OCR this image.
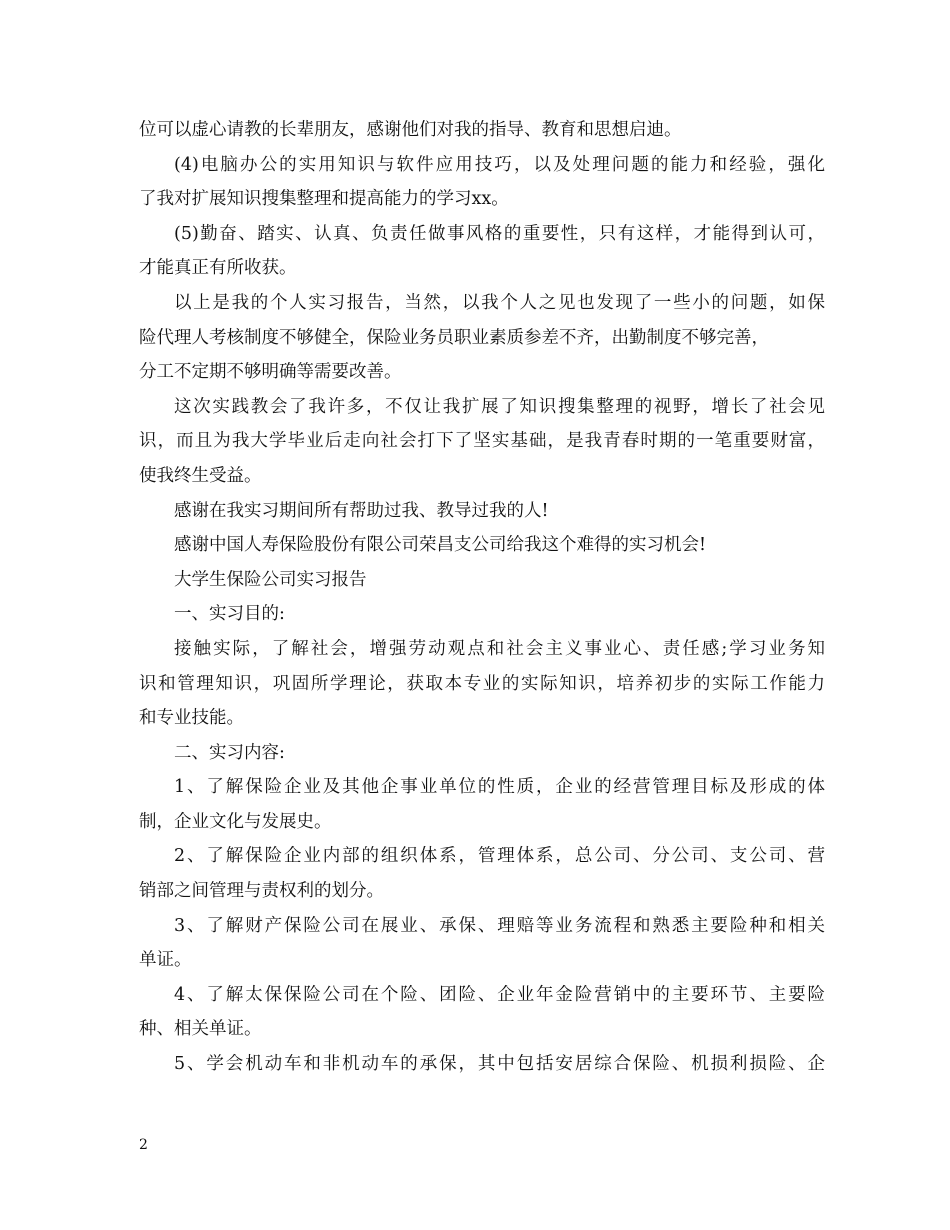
位可以虚心请教的长辈朋友，感谢他们对我的指导、教育和思想启迪。
(4)电脑办公的实用知识与软件应用技巧，以及处理问题的能力和经验，强化
了我对扩展知识搜集整理和提高能力的学习xx。
(5)勤奋、踏实、认真、负责任做事风格的重要性，只有这样，才能得到认可，
才能真正有所收获。
以上是我的个人实习报告，当然，以我个人之见也发现了一些小的问题，如保
险代理人考核制度不够健全，保险业务员职业素质参差不齐，出勤制度不够完善，
分工不定期不够明确等需要改善。
这次实践教会了我许多，不仅让我扩展了知识搜集整理的视野，增长了社会见
识，而且为我大学毕业后走向社会打下了坚实基础，是我青春时期的一笔重要财富，
使我终生受益。
感谢在我实习期间所有帮助过我、教导过我的人!
感谢中国人寿保险股份有限公司荣昌支公司给我这个难得的实习机会!
大学生保险公司实习报告
一、实习目的:
接触实际，了解社会，增强劳动观点和社会主义事业心、责任感;学习业务知
识和管理知识，巩固所学理论，获取本专业的实际知识，培养初步的实际工作能力
和专业技能。
二、实习内容:
1、了解保险企业及其他企事业单位的性质，企业的经营管理目标及形成的体
制，企业文化与发展史。
2、了解保险企业内部的组织体系，管理体系，总公司、分公司、支公司、营
销部之间管理与责权利的划分。
3、了解财产保险公司在展业、承保、理赔等业务流程和熟悉主要险种和相关
单证。
4、了解太保保险公司在个险、团险、企业年金险营销中的主要环节、主要险
种、相关单证。
5、学会机动车和非机动车的承保，其中包括安居综合保险、机损利损险、企
2
